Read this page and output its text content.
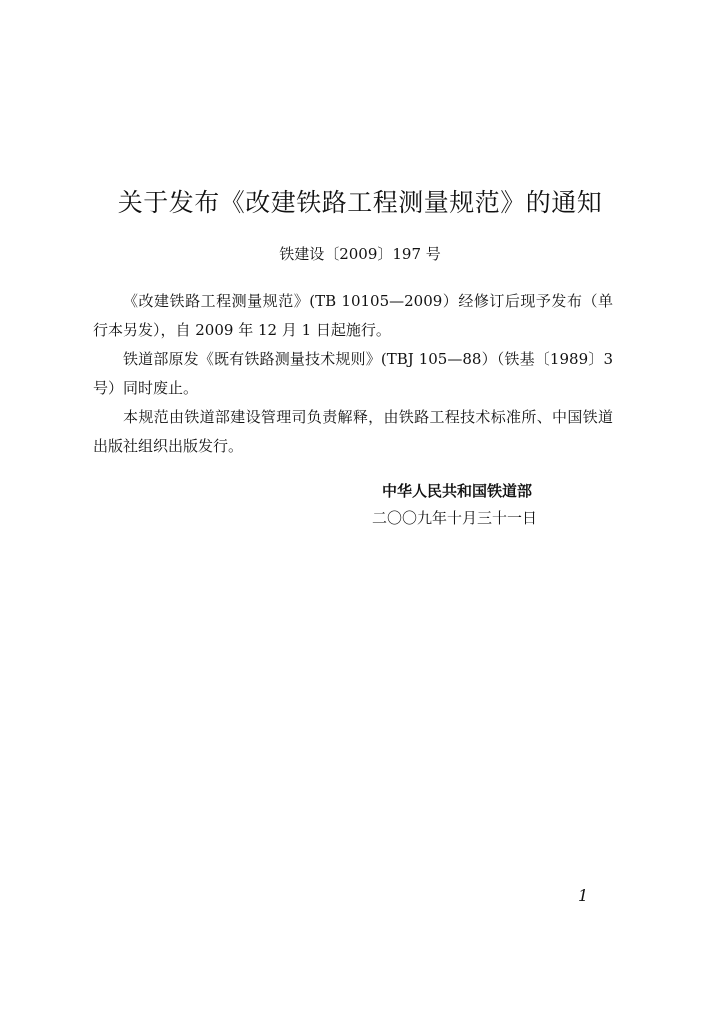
关于发布《改建铁路工程测量规范》的通知
铁建设〔2009〕197 号

《改建铁路工程测量规范》(TB 10105—2009）经修订后现予发布（单行本另发），自 2009 年 12 月 1 日起施行。

铁道部原发《既有铁路测量技术规则》(TBJ 105—88）（铁基〔1989〕3 号）同时废止。

本规范由铁道部建设管理司负责解释，由铁路工程技术标准所、中国铁道出版社组织出版发行。

中华人民共和国铁道部
二〇〇九年十月三十一日
1
